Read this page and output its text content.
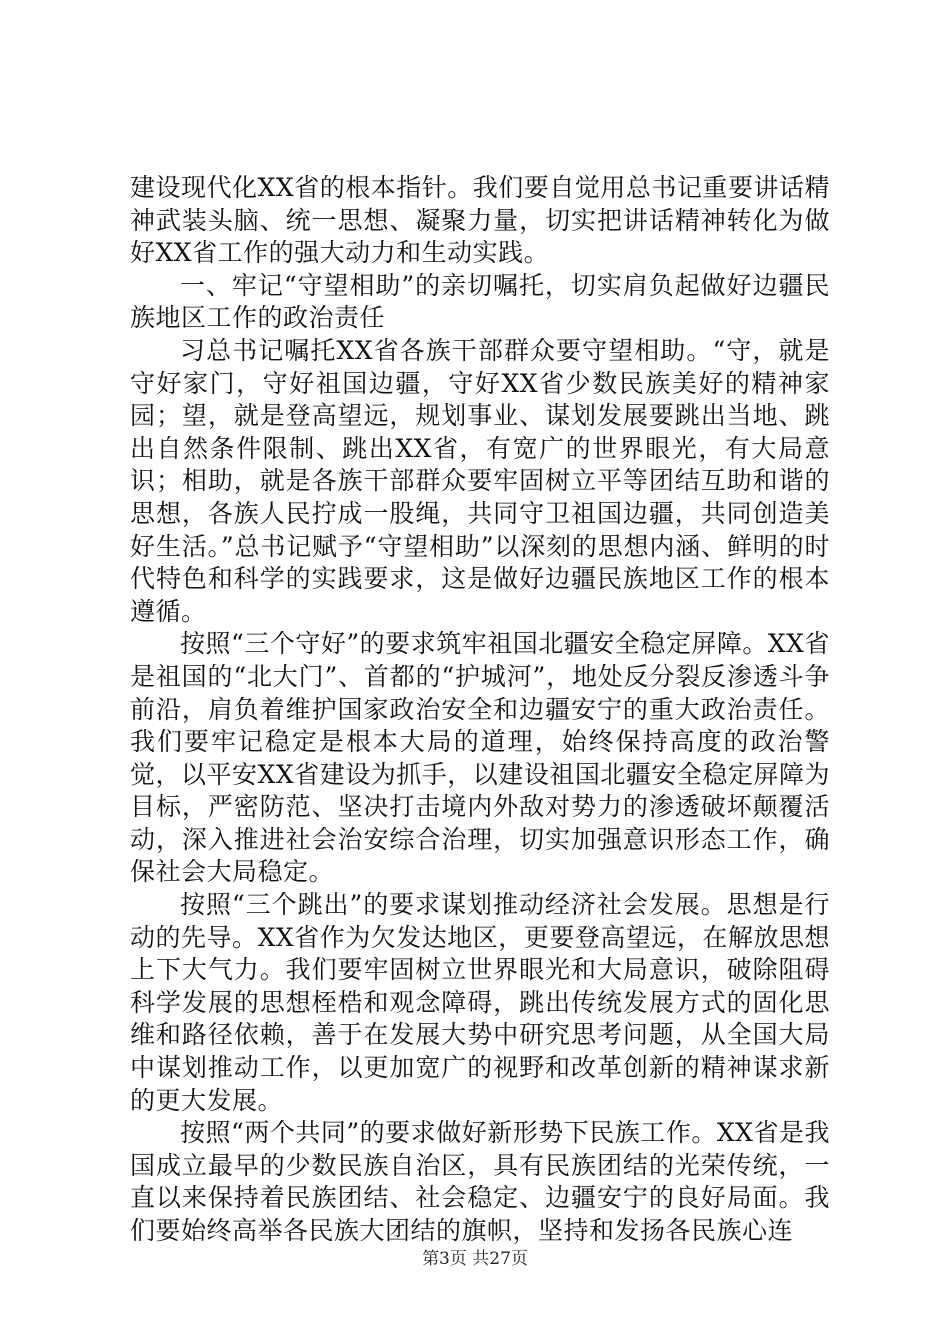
建设现代化XX省的根本指针。我们要自觉用总书记重要讲话精神武装头脑、统一思想、凝聚力量，切实把讲话精神转化为做好XX省工作的强大动力和生动实践。

一、牢记“守望相助”的亲切嘱托，切实肩负起做好边疆民族地区工作的政治责任

习总书记嘱托XX省各族干部群众要守望相助。“守，就是守好家门，守好祖国边疆，守好XX省少数民族美好的精神家园；望，就是登高望远，规划事业、谋划发展要跳出当地、跳出自然条件限制、跳出XX省，有宽广的世界眼光，有大局意识；相助，就是各族干部群众要牢固树立平等团结互助和谐的思想，各族人民拧成一股绳，共同守卫祖国边疆，共同创造美好生活。”总书记赋予“守望相助”以深刻的思想内涵、鲜明的时代特色和科学的实践要求，这是做好边疆民族地区工作的根本遵循。

按照“三个守好”的要求筑牢祖国北疆安全稳定屏障。XX省是祖国的“北大门”、首都的“护城河”，地处反分裂反渗透斗争前沿，肩负着维护国家政治安全和边疆安宁的重大政治责任。我们要牢记稳定是根本大局的道理，始终保持高度的政治警觉，以平安XX省建设为抓手，以建设祖国北疆安全稳定屏障为目标，严密防范、坚决打击境内外敌对势力的渗透破坏颠覆活动，深入推进社会治安综合治理，切实加强意识形态工作，确保社会大局稳定。

按照“三个跳出”的要求谋划推动经济社会发展。思想是行动的先导。XX省作为欠发达地区，更要登高望远，在解放思想上下大气力。我们要牢固树立世界眼光和大局意识，破除阻碍科学发展的思想桎梏和观念障碍，跳出传统发展方式的固化思维和路径依赖，善于在发展大势中研究思考问题，从全国大局中谋划推动工作，以更加宽广的视野和改革创新的精神谋求新的更大发展。

按照“两个共同”的要求做好新形势下民族工作。XX省是我国成立最早的少数民族自治区，具有民族团结的光荣传统，一直以来保持着民族团结、社会稳定、边疆安宁的良好局面。我们要始终高举各民族大团结的旗帜，坚持和发扬各民族心连

第3页 共27页
